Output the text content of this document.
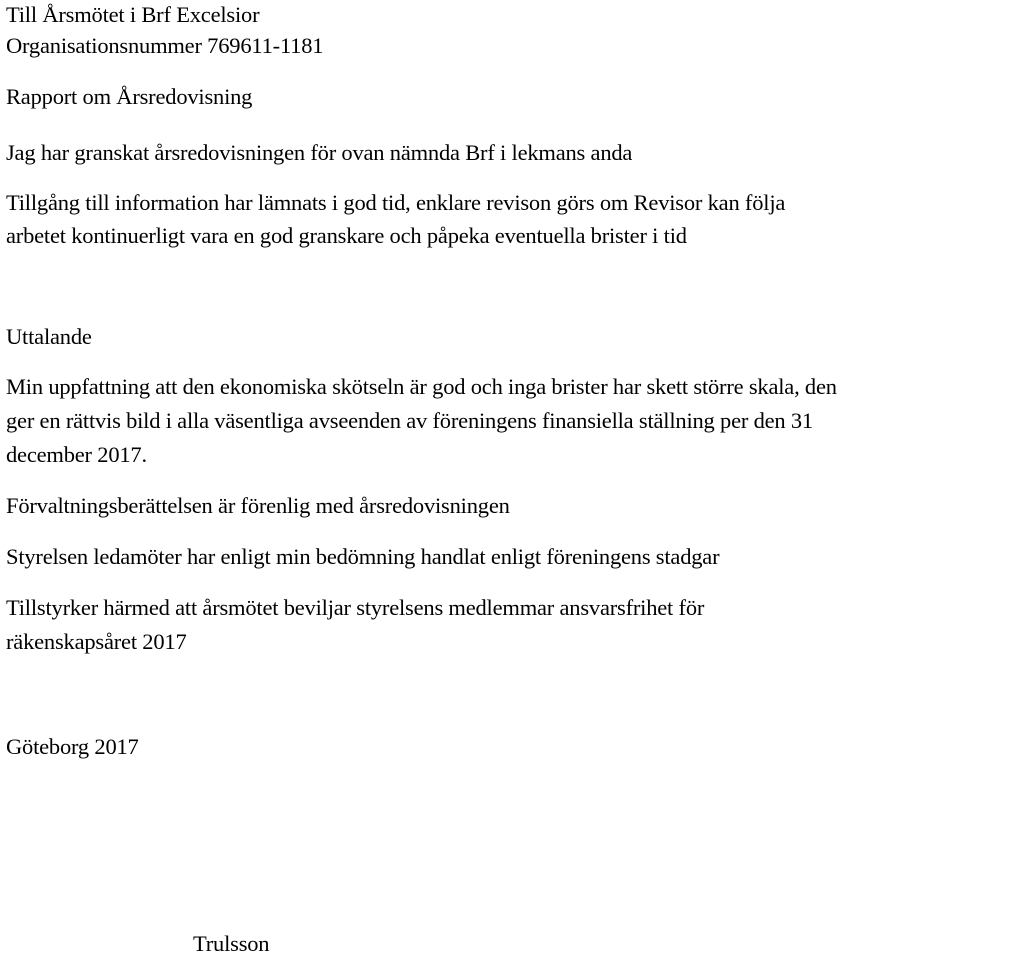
Till Årsmötet i Brf Excelsior

Organisationsnummer 769611-1181

Rapport om Årsredovisning

Jag har granskat årsredovisningen för ovan nämnda Brf i lekmans anda

Tillgång till information har lämnats i god tid, enklare revison görs om Revisor kan följa

arbetet kontinuerligt vara en god granskare och påpeka eventuella brister i tid

Uttalande

Min uppfattning att den ekonomiska skötseln är god och inga brister har skett större skala, den

ger en rättvis bild i alla väsentliga avseenden av föreningens finansiella ställning per den 31

december 2017.

Förvaltningsberättelsen är förenlig med årsredovisningen

Styrelsen ledamöter har enligt min bedömning handlat enligt föreningens stadgar

Tillstyrker härmed att årsmötet beviljar styrelsens medlemmar ansvarsfrihet för

räkenskapsåret 2017

Göteborg 2017

Trulsson
